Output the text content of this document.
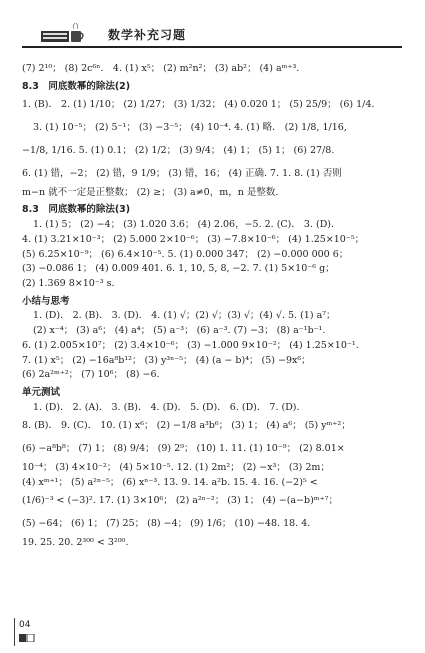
数学补充习题
(7) 2¹⁰； (8) 2c⁶ⁿ． 4. (1) x⁵； (2) m²n²； (3) ab²； (4) aᵐ⁺³.
8.3　同底数幂的除法(2)
1. (B)． 2. (1) 1/10； (2) 1/27； (3) 1/32； (4) 0.020 1； (5) 25/9； (6) 1/4.
3. (1) 10⁻⁵； (2) 5⁻¹； (3) −3⁻⁵； (4) 10⁻⁴. 4. (1) 略． (2) 1/8, 1/16,
−1/8, 1/16. 5. (1) 0.1； (2) 1/2； (3) 9/4； (4) 1； (5) 1； (6) 27/8.
6. (1) 错，−2； (2) 错，9 1/9； (3) 错，16； (4) 正确. 7. 1. 8. (1) 否则
m−n 就不一定是正整数； (2) ≥； (3) a≠0，m，n 是整数.
8.3　同底数幂的除法(3)
1. (1) 5； (2) −4； (3) 1.020 3.6； (4) 2.06，−5. 2. (C)． 3. (D).
4. (1) 3.21×10⁻³； (2) 5.000 2×10⁻⁶； (3) −7.8×10⁻⁶； (4) 1.25×10⁻⁵；
(5) 6.25×10⁻⁹； (6) 6.4×10⁻⁵. 5. (1) 0.000 347； (2) −0.000 000 6；
(3) −0.086 1； (4) 0.009 401. 6. 1, 10, 5, 8, −2. 7. (1) 5×10⁻⁶ g；
(2) 1.369 8×10⁻³ s.
小结与思考
1. (D)． 2. (B)． 3. (D)． 4. (1) √；(2) √；(3) √；(4) √. 5. (1) a⁷；
(2) x⁻⁴； (3) a⁶； (4) a⁴； (5) a⁻³； (6) a⁻³. (7) −3； (8) a⁻¹b⁻¹.
6. (1) 2.005×10⁷； (2) 3.4×10⁻⁶； (3) −1.000 9×10⁻²； (4) 1.25×10⁻¹.
7. (1) x⁵； (2) −16a⁸b¹²； (3) y³ⁿ⁻⁵； (4) (a − b)⁴； (5) −9x⁶；
(6) 2a²ᵐ⁺²； (7) 10⁶； (8) −6.
单元测试
1. (D)． 2. (A)． 3. (B)． 4. (D)． 5. (D)． 6. (D)． 7. (D).
8. (B)． 9. (C)． 10. (1) x⁶； (2) −1/8 a³b⁶； (3) 1； (4) a⁶； (5) yᵐ⁺²；
(6) −a⁸b⁸； (7) 1； (8) 9/4； (9) 2⁹； (10) 1. 11. (1) 10⁻⁹； (2) 8.01×
10⁻⁴； (3) 4×10⁻²； (4) 5×10⁻⁵. 12. (1) 2m²； (2) −x³； (3) 2m；
(4) xᵐ⁺¹； (5) a²ⁿ⁻⁵； (6) xⁿ⁻³. 13. 9. 14. a²b. 15. 4. 16. (−2)⁵ <
(1/6)⁻³ < (−3)². 17. (1) 3×10⁶； (2) a²ⁿ⁻²； (3) 1； (4) −(a−b)ᵐ⁺⁷；
(5) −64； (6) 1； (7) 25； (8) −4； (9) 1/6； (10) −48. 18. 4.
19. 25. 20. 2³⁰⁰ < 3²⁰⁰.
04
